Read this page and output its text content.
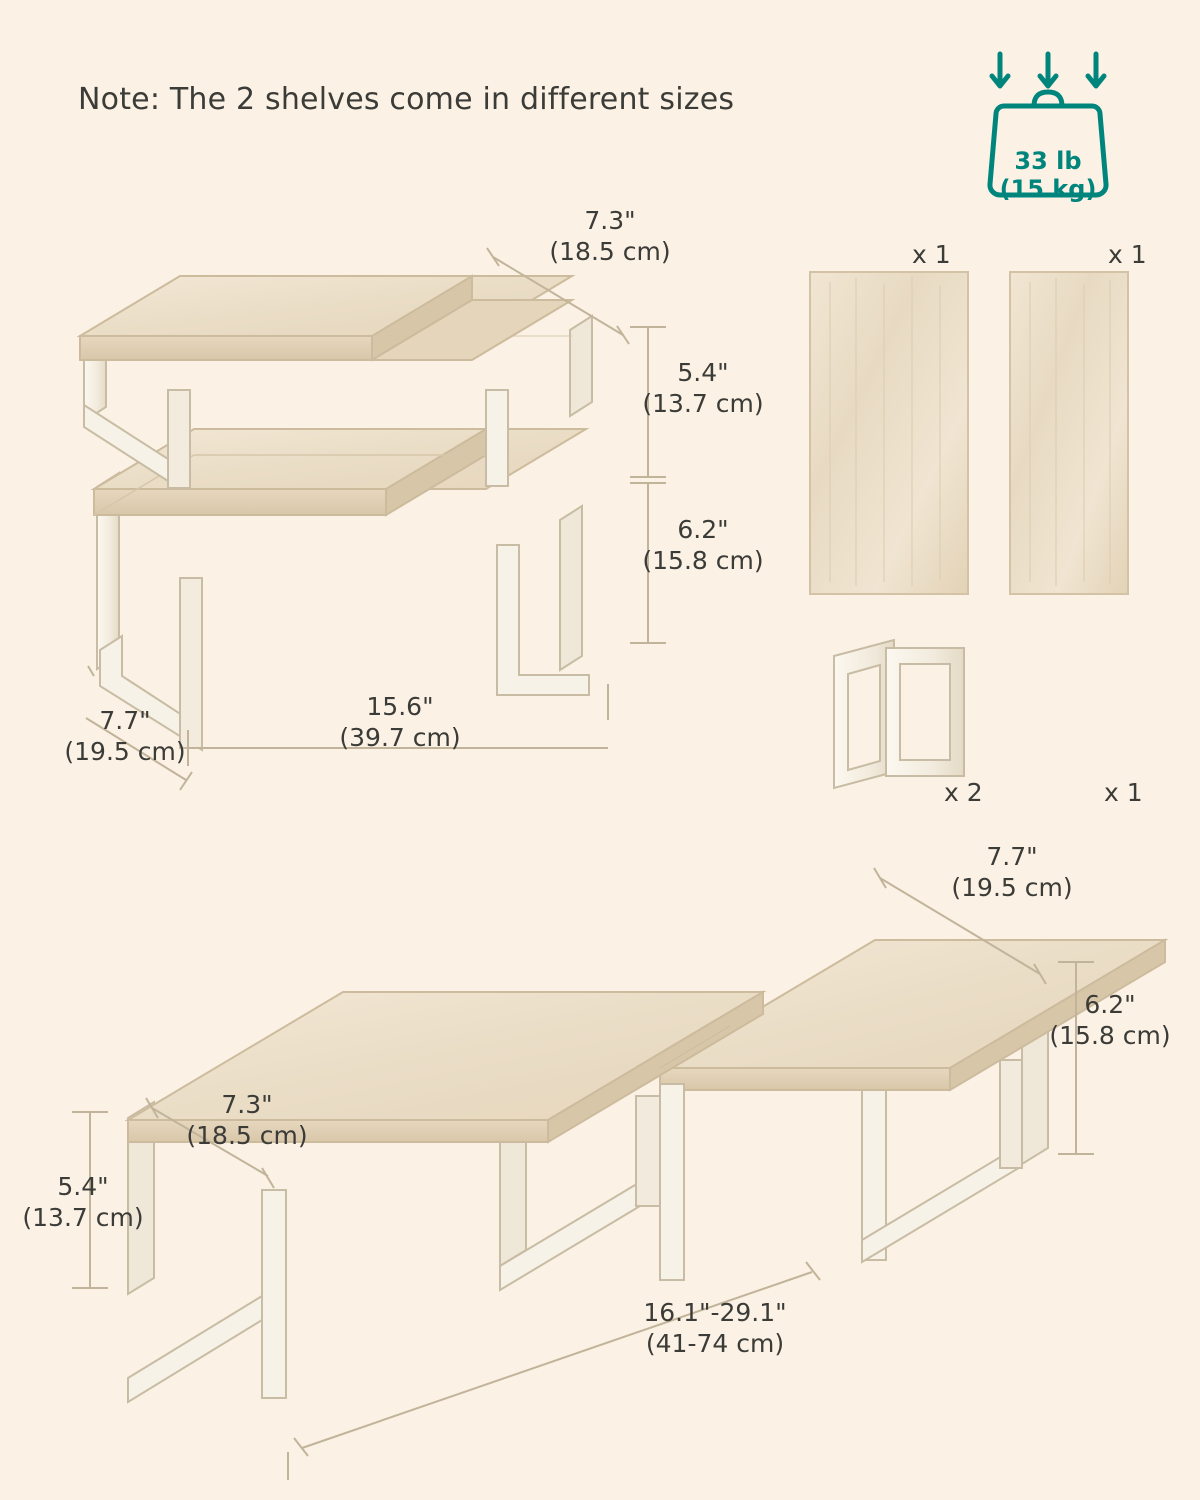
Note: The 2 shelves come in different sizes
33 lb
(15 kg)
7.3"
(18.5 cm)
5.4"
(13.7 cm)
6.2"
(15.8 cm)
7.7"
(19.5 cm)
15.6"
(39.7 cm)
x 1	x 1
x 2	x 1
7.7"
(19.5 cm)
6.2"
(15.8 cm)
7.3"
(18.5 cm)
5.4"
(13.7 cm)
16.1"-29.1"
(41-74 cm)
